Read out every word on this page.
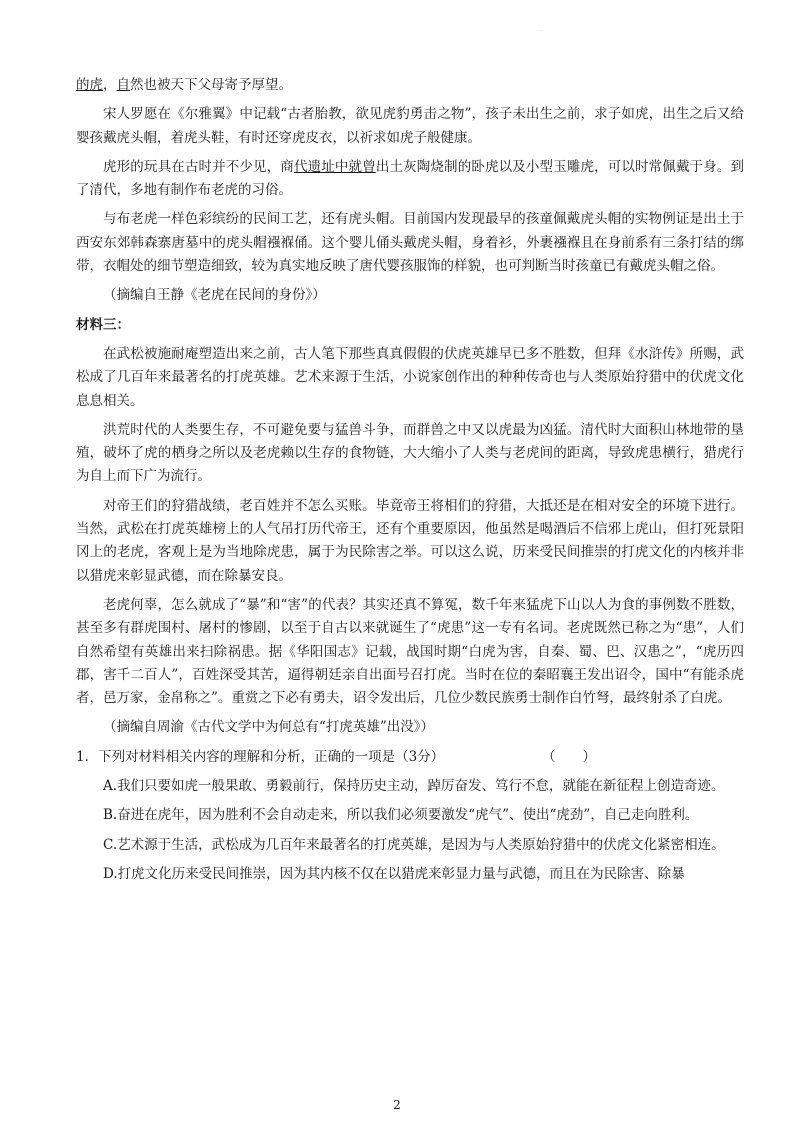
·

的虎，自然也被天下父母寄予厚望。

宋人罗愿在《尔雅翼》中记载“古者胎教，欲见虎豹勇击之物”，孩子未出生之前，求子如虎，出生之后又给婴孩戴虎头帽，着虎头鞋，有时还穿虎皮衣，以祈求如虎子般健康。

虎形的玩具在古时并不少见，商代遗址中就曾出土灰陶烧制的卧虎以及小型玉雕虎，可以时常佩戴于身。到了清代，多地有制作布老虎的习俗。

与布老虎一样色彩缤纷的民间工艺，还有虎头帽。目前国内发现最早的孩童佩戴虎头帽的实物例证是出土于西安东郊韩森寨唐墓中的虎头帽襁褓俑。这个婴儿俑头戴虎头帽，身着衫，外裹襁褓且在身前系有三条打结的绑带，衣帽处的细节塑造细致，较为真实地反映了唐代婴孩服饰的样貌，也可判断当时孩童已有戴虎头帽之俗。

（摘编自王静《老虎在民间的身份》）

材料三：

在武松被施耐庵塑造出来之前，古人笔下那些真真假假的伏虎英雄早已多不胜数，但拜《水浒传》所赐，武松成了几百年来最著名的打虎英雄。艺术来源于生活，小说家创作出的种种传奇也与人类原始狩猎中的伏虎文化息息相关。

洪荒时代的人类要生存，不可避免要与猛兽斗争，而群兽之中又以虎最为凶猛。清代时大面积山林地带的垦殖，破坏了虎的栖身之所以及老虎赖以生存的食物链，大大缩小了人类与老虎间的距离，导致虎患横行，猎虎行为自上而下广为流行。

对帝王们的狩猎战绩，老百姓并不怎么买账。毕竟帝王将相们的狩猎，大抵还是在相对安全的环境下进行。当然，武松在打虎英雄榜上的人气吊打历代帝王，还有个重要原因，他虽然是喝酒后不信邪上虎山，但打死景阳冈上的老虎，客观上是为当地除虎患，属于为民除害之举。可以这么说，历来受民间推崇的打虎文化的内核并非以猎虎来彰显武德，而在除暴安良。

老虎何辜，怎么就成了“暴”和“害”的代表？其实还真不算冤，数千年来猛虎下山以人为食的事例数不胜数，甚至多有群虎围村、屠村的惨剧，以至于自古以来就诞生了“虎患”这一专有名词。老虎既然已称之为“患”，人们自然希望有英雄出来扫除祸患。据《华阳国志》记载，战国时期“白虎为害，自秦、蜀、巴、汉患之”，“虎历四郡，害千二百人”，百姓深受其苦，逼得朝廷亲自出面号召打虎。当时在位的秦昭襄王发出诏令，国中“有能杀虎者，邑万家，金帛称之”。重赏之下必有勇夫，诏令发出后，几位少数民族勇士制作白竹弩，最终射杀了白虎。

（摘编自周渝《古代文学中为何总有“打虎英雄”出没》）

1．下列对材料相关内容的理解和分析，正确的一项是（3分）	（　　）

A.我们只要如虎一般果敢、勇毅前行，保持历史主动，踔厉奋发、笃行不怠，就能在新征程上创造奇迹。

B.奋进在虎年，因为胜利不会自动走来，所以我们必须要激发“虎气”、使出“虎劲”，自己走向胜利。

C.艺术源于生活，武松成为几百年来最著名的打虎英雄，是因为与人类原始狩猎中的伏虎文化紧密相连。

D.打虎文化历来受民间推崇，因为其内核不仅在以猎虎来彰显力量与武德，而且在为民除害、除暴

2
